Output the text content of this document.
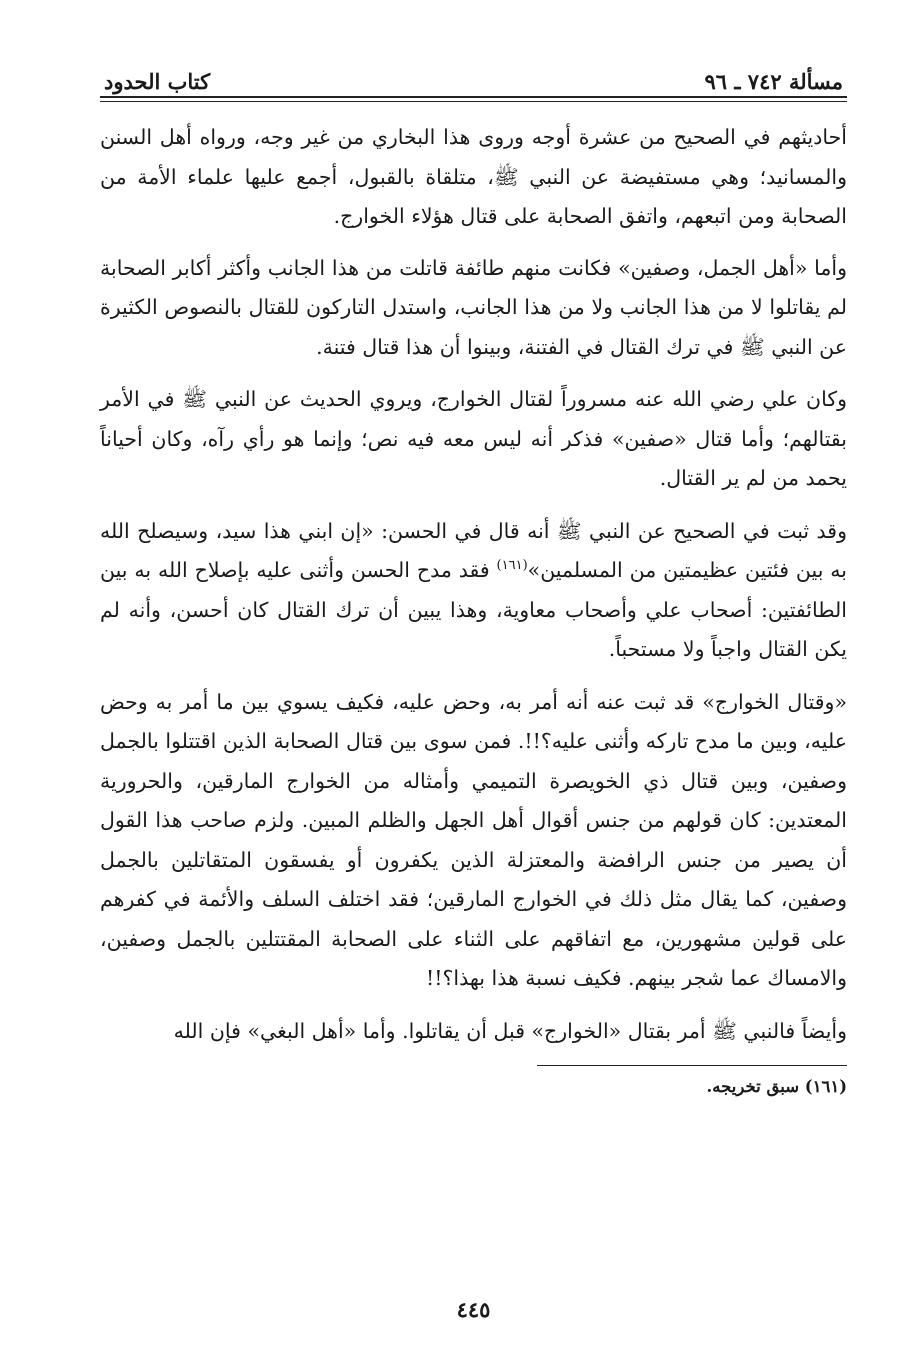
مسألة ٧٤٢ ـ ٩٦
كتاب الحدود

أحاديثهم في الصحيح من عشرة أوجه وروى هذا البخاري من غير وجه، ورواه أهل السنن والمسانيد؛ وهي مستفيضة عن النبي ﷺ، متلقاة بالقبول، أجمع عليها علماء الأمة من الصحابة ومن اتبعهم، واتفق الصحابة على قتال هؤلاء الخوارج.

وأما «أهل الجمل، وصفين» فكانت منهم طائفة قاتلت من هذا الجانب وأكثر أكابر الصحابة لم يقاتلوا لا من هذا الجانب ولا من هذا الجانب، واستدل التاركون للقتال بالنصوص الكثيرة عن النبي ﷺ في ترك القتال في الفتنة، وبينوا أن هذا قتال فتنة.

وكان علي رضي الله عنه مسروراً لقتال الخوارج، ويروي الحديث عن النبي ﷺ في الأمر بقتالهم؛ وأما قتال «صفين» فذكر أنه ليس معه فيه نص؛ وإنما هو رأي رآه، وكان أحياناً يحمد من لم ير القتال.

وقد ثبت في الصحيح عن النبي ﷺ أنه قال في الحسن: «إن ابني هذا سيد، وسيصلح الله به بين فئتين عظيمتين من المسلمين»$^{(١٦١)}$ فقد مدح الحسن وأثنى عليه بإصلاح الله به بين الطائفتين: أصحاب علي وأصحاب معاوية، وهذا يبين أن ترك القتال كان أحسن، وأنه لم يكن القتال واجباً ولا مستحباً.

«وقتال الخوارج» قد ثبت عنه أنه أمر به، وحض عليه، فكيف يسوي بين ما أمر به وحض عليه، وبين ما مدح تاركه وأثنى عليه؟!!. فمن سوى بين قتال الصحابة الذين اقتتلوا بالجمل وصفين، وبين قتال ذي الخويصرة التميمي وأمثاله من الخوارج المارقين، والحرورية المعتدين: كان قولهم من جنس أقوال أهل الجهل والظلم المبين. ولزم صاحب هذا القول أن يصير من جنس الرافضة والمعتزلة الذين يكفرون أو يفسقون المتقاتلين بالجمل وصفين، كما يقال مثل ذلك في الخوارج المارقين؛ فقد اختلف السلف والأئمة في كفرهم على قولين مشهورين، مع اتفاقهم على الثناء على الصحابة المقتتلين بالجمل وصفين، والامساك عما شجر بينهم. فكيف نسبة هذا بهذا؟!!

وأيضاً فالنبي ﷺ أمر بقتال «الخوارج» قبل أن يقاتلوا. وأما «أهل البغي» فإن الله

(١٦١) سبق تخريجه.
٤٤٥
